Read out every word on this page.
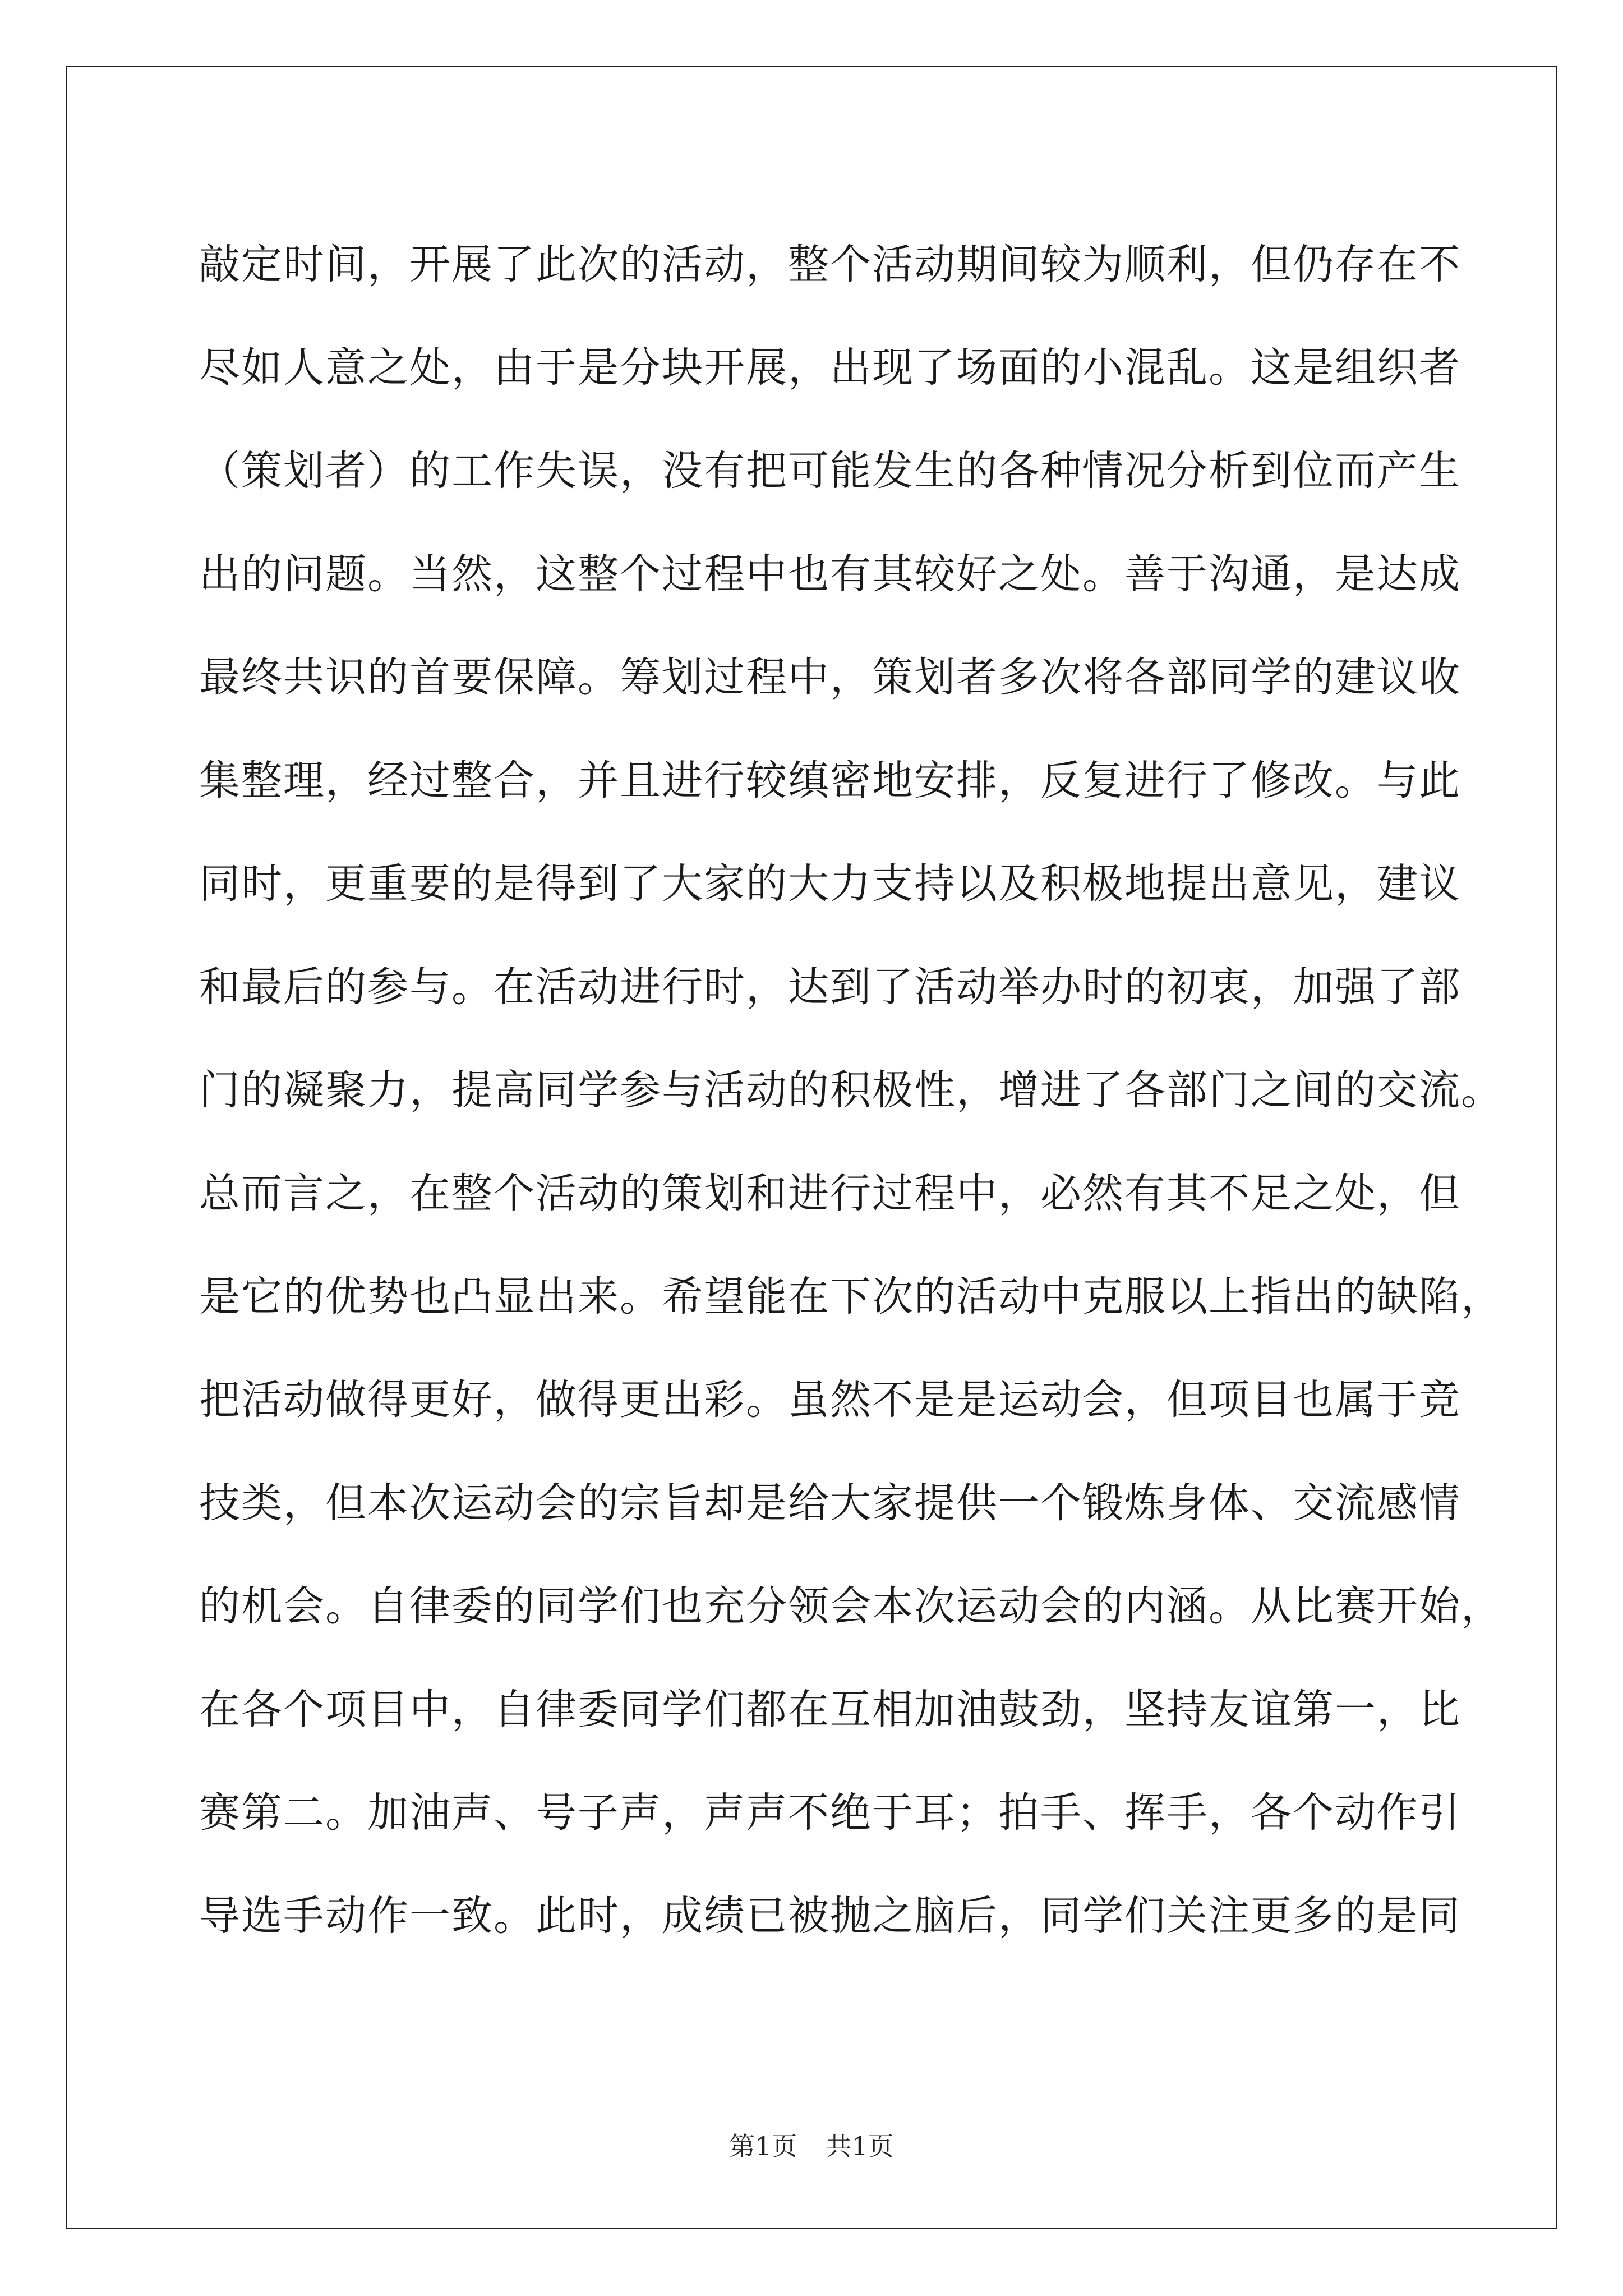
敲定时间，开展了此次的活动，整个活动期间较为顺利，但仍存在不
尽如人意之处，由于是分块开展，出现了场面的小混乱。这是组织者
（策划者）的工作失误，没有把可能发生的各种情况分析到位而产生
出的问题。当然，这整个过程中也有其较好之处。善于沟通，是达成
最终共识的首要保障。筹划过程中，策划者多次将各部同学的建议收
集整理，经过整合，并且进行较缜密地安排，反复进行了修改。与此
同时，更重要的是得到了大家的大力支持以及积极地提出意见，建议
和最后的参与。在活动进行时，达到了活动举办时的初衷，加强了部
门的凝聚力，提高同学参与活动的积极性，增进了各部门之间的交流。
总而言之，在整个活动的策划和进行过程中，必然有其不足之处，但
是它的优势也凸显出来。希望能在下次的活动中克服以上指出的缺陷，
把活动做得更好，做得更出彩。虽然不是是运动会，但项目也属于竞
技类，但本次运动会的宗旨却是给大家提供一个锻炼身体、交流感情
的机会。自律委的同学们也充分领会本次运动会的内涵。从比赛开始，
在各个项目中，自律委同学们都在互相加油鼓劲，坚持友谊第一，比
赛第二。加油声、号子声，声声不绝于耳；拍手、挥手，各个动作引
导选手动作一致。此时，成绩已被抛之脑后，同学们关注更多的是同
第1页 共1页
